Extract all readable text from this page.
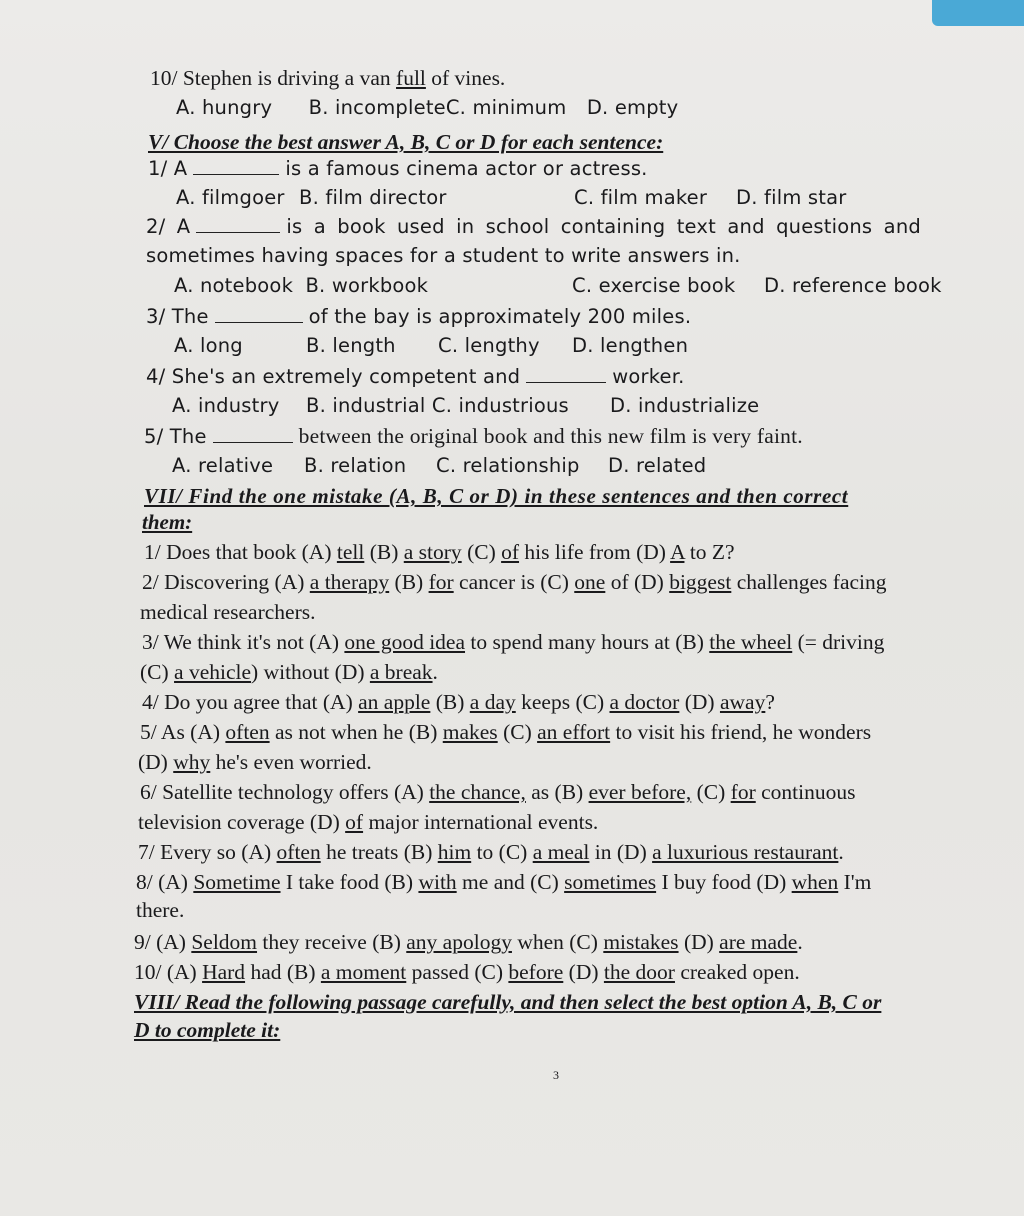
10/ Stephen is driving a van full of vines.
A. hungry B. incompleteC. minimum D. empty
V/ Choose the best answer A, B, C or D for each sentence:
1/ A	is a famous cinema actor or actress.
A. filmgoer B. film director	C. film maker D. film star
2/ A	is a book used in school containing text and questions and
sometimes having spaces for a student to write answers in.
A. notebook B. workbook	C. exercise book D. reference book
3/ The	of the bay is approximately 200 miles.
A. long	B. length C. lengthy D. lengthen
4/ She's an extremely competent and	worker.
A. industry B. industrial C. industrious D. industrialize
5/ The	between the original book and this new film is very faint.
A. relative B. relation C. relationship D. related
VII/ Find the one mistake (A, B, C or D) in these sentences and then correct
them:
1/ Does that book (A) tell (B) a story (C) of his life from (D) A to Z?
2/ Discovering (A) a therapy (B) for cancer is (C) one of (D) biggest challenges facing
medical researchers.
3/ We think it's not (A) one good idea to spend many hours at (B) the wheel (= driving
(C) a vehicle) without (D) a break.
4/ Do you agree that (A) an apple (B) a day keeps (C) a doctor (D) away?
5/ As (A) often as not when he (B) makes (C) an effort to visit his friend, he wonders
(D) why he's even worried.
6/ Satellite technology offers (A) the chance, as (B) ever before, (C) for continuous
television coverage (D) of major international events.
7/ Every so (A) often he treats (B) him to (C) a meal in (D) a luxurious restaurant.
8/ (A) Sometime I take food (B) with me and (C) sometimes I buy food (D) when I'm
there.
9/ (A) Seldom they receive (B) any apology when (C) mistakes (D) are made.
10/ (A) Hard had (B) a moment passed (C) before (D) the door creaked open.
VIII/ Read the following passage carefully, and then select the best option A, B, C or
D to complete it:
3
